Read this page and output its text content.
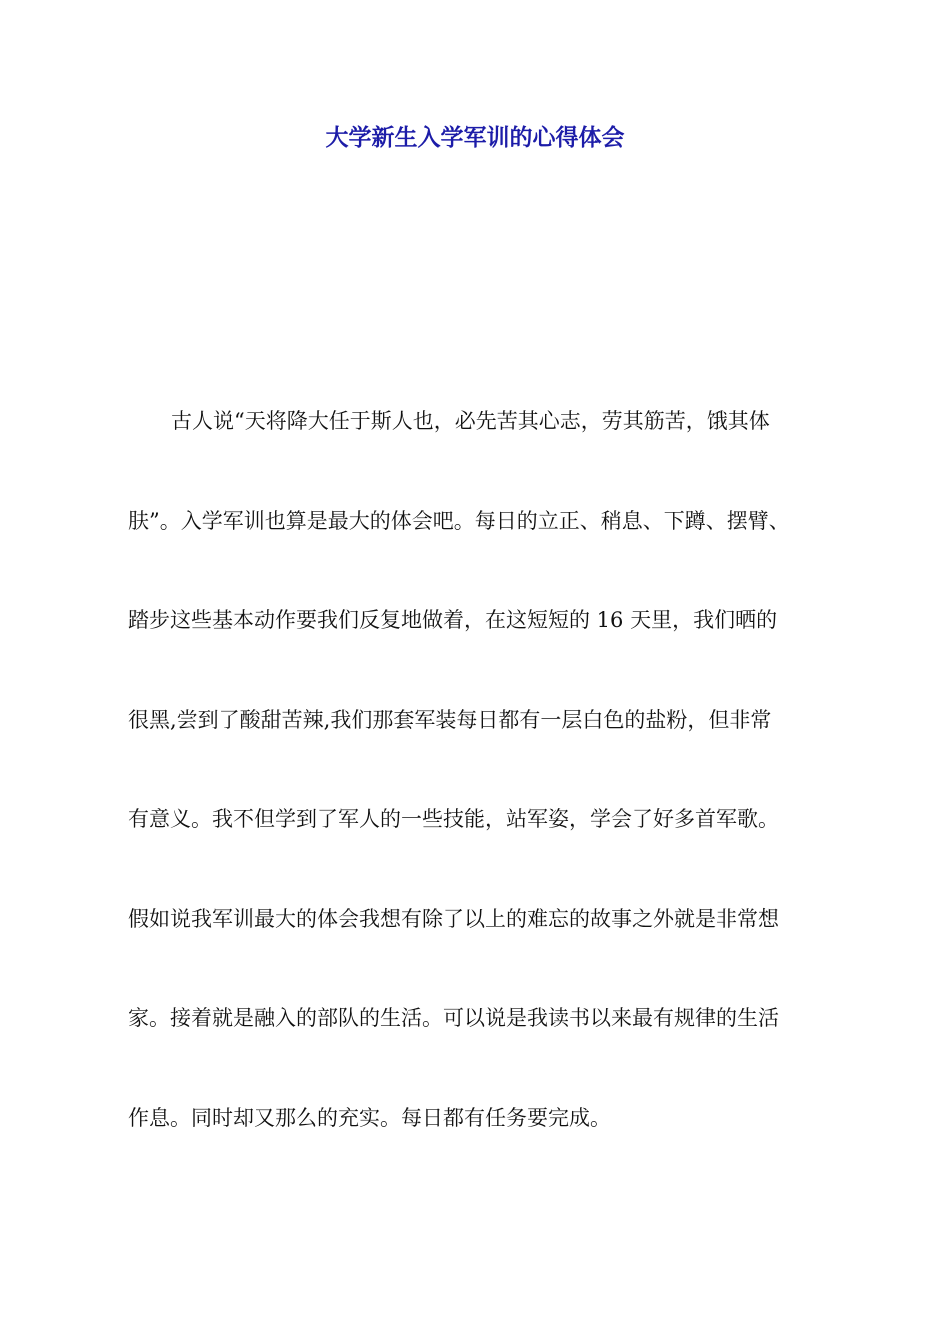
大学新生入学军训的心得体会
古人说“天将降大任于斯人也，必先苦其心志，劳其筋苦，饿其体
肤”。入学军训也算是最大的体会吧。每日的立正、稍息、下蹲、摆臂、
踏步这些基本动作要我们反复地做着，在这短短的 16 天里，我们晒的
很黑,尝到了酸甜苦辣,我们那套军装每日都有一层白色的盐粉，但非常
有意义。我不但学到了军人的一些技能，站军姿，学会了好多首军歌。
假如说我军训最大的体会我想有除了以上的难忘的故事之外就是非常想
家。接着就是融入的部队的生活。可以说是我读书以来最有规律的生活
作息。同时却又那么的充实。每日都有任务要完成。
